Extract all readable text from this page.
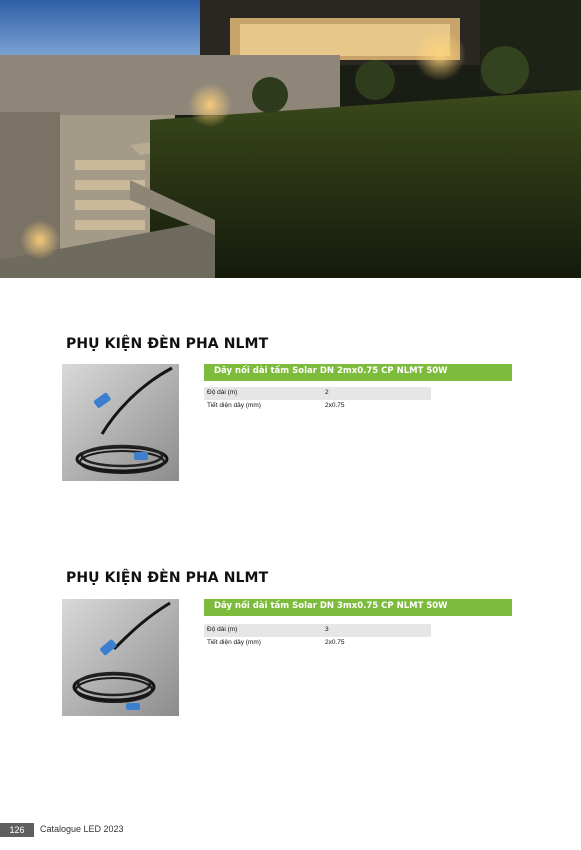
PHỤ KIỆN ĐÈN PHA NLMT
Dây nối dài tấm Solar DN 2mx0.75 CP NLMT 50W
Độ dài (m)	2
Tiết diện dây (mm)	2x0.75
PHỤ KIỆN ĐÈN PHA NLMT
Dây nối dài tấm Solar DN 3mx0.75 CP NLMT 50W
Độ dài (m)	3
Tiết diện dây (mm)	2x0.75
126	Catalogue LED 2023
